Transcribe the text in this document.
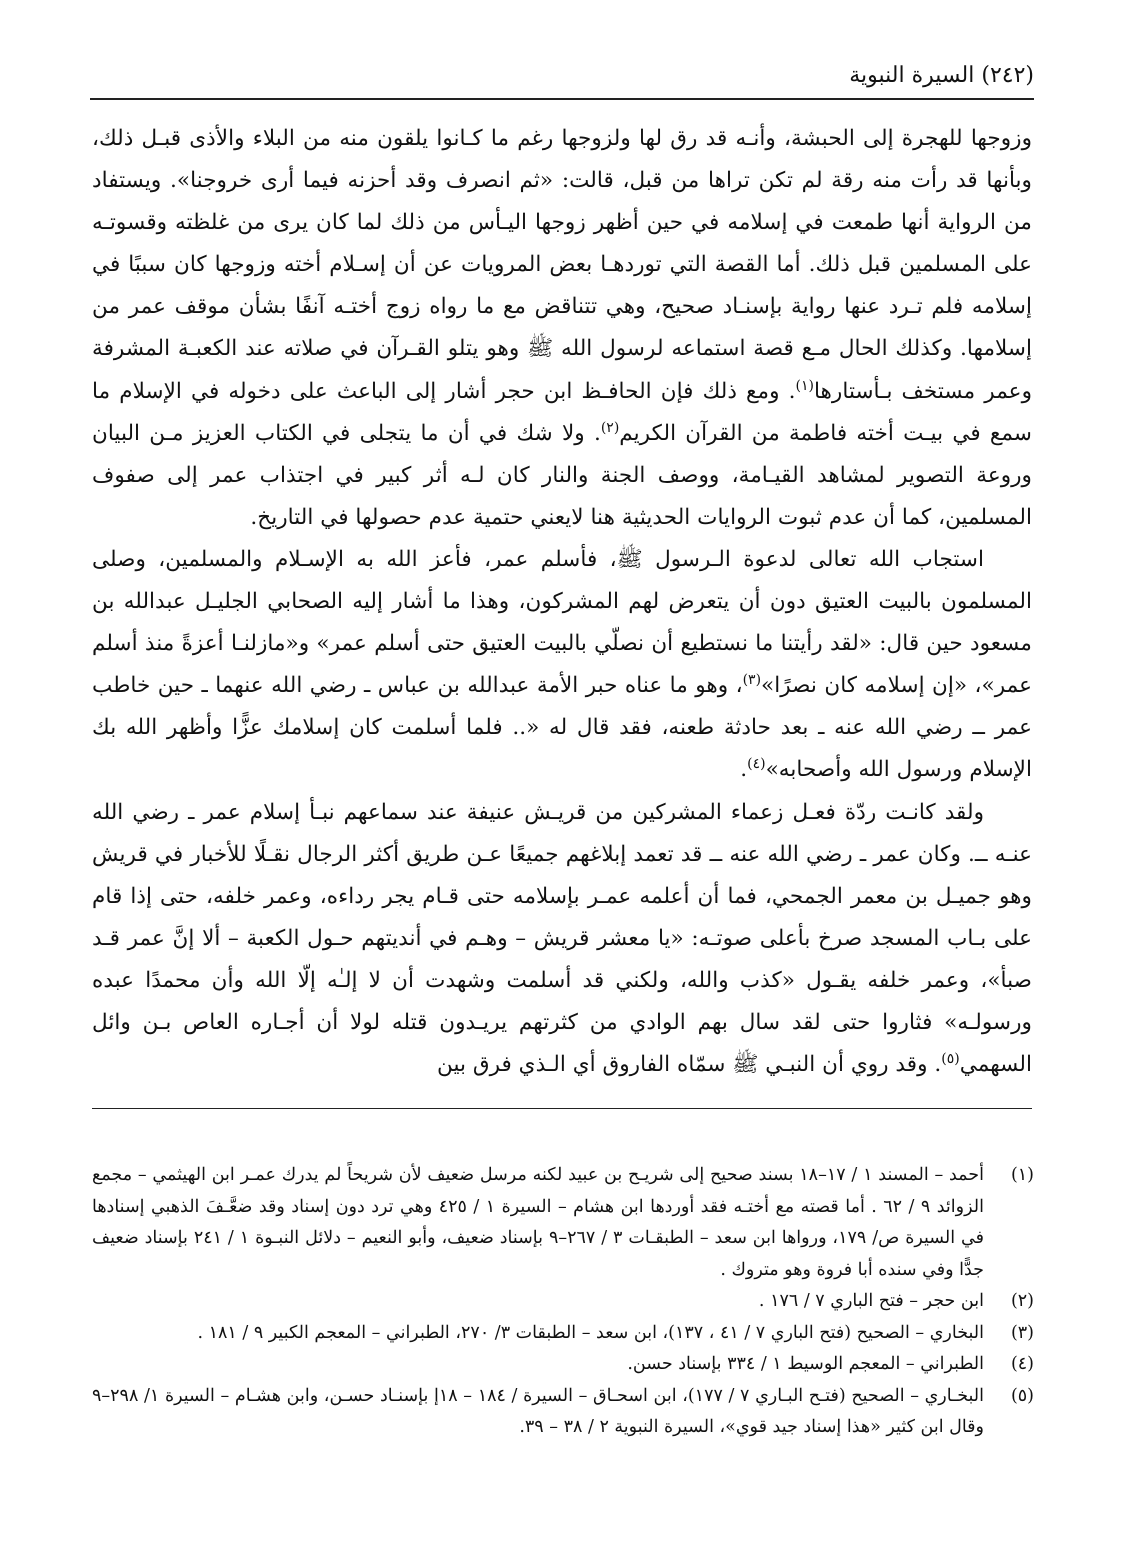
(٢٤٢) السيرة النبوية

وزوجها للهجرة إلى الحبشة، وأنـه قد رق لها ولزوجها رغم ما كـانوا يلقون منه من البلاء والأذى قبـل ذلك، وبأنها قد رأت منه رقة لم تكن تراها من قبل، قالت: «ثم انصرف وقد أحزنه فيما أرى خروجنا». ويستفاد من الرواية أنها طمعت في إسلامه في حين أظهر زوجها اليـأس من ذلك لما كان يرى من غلظته وقسوتـه على المسلمين قبل ذلك. أما القصة التي توردهـا بعض المرويات عن أن إسـلام أخته وزوجها كان سببًا في إسلامه فلم تـرد عنها رواية بإسنـاد صحيح، وهي تتناقض مع ما رواه زوج أختـه آنفًا بشأن موقف عمر من إسلامها. وكذلك الحال مـع قصة استماعه لرسول الله ﷺ وهو يتلو القـرآن في صلاته عند الكعبـة المشرفة وعمر مستخف بـأستارها$^{(١)}$. ومع ذلك فإن الحافـظ ابن حجر أشار إلى الباعث على دخوله في الإسلام ما سمع في بيـت أخته فاطمة من القرآن الكريم$^{(٢)}$. ولا شك في أن ما يتجلى في الكتاب العزيز مـن البيان وروعة التصوير لمشاهد القيـامة، ووصف الجنة والنار كان لـه أثر كبير في اجتذاب عمر إلى صفوف المسلمين، كما أن عدم ثبوت الروايات الحديثية هنا لايعني حتمية عدم حصولها في التاريخ.

استجاب الله تعالى لدعوة الـرسول ﷺ، فأسلم عمر، فأعز الله به الإسـلام والمسلمين، وصلى المسلمون بالبيت العتيق دون أن يتعرض لهم المشركون، وهذا ما أشار إليه الصحابي الجليـل عبدالله بن مسعود حين قال: «لقد رأيتنا ما نستطيع أن نصلّي بالبيت العتيق حتى أسلم عمر» و«مازلنـا أعزةً منذ أسلم عمر»، «إن إسلامه كان نصرًا»$^{(٣)}$، وهو ما عناه حبر الأمة عبدالله بن عباس ـ رضي الله عنهما ـ حين خاطب عمر ــ رضي الله عنه ـ بعد حادثة طعنه، فقد قال له «.. فلما أسلمت كان إسلامك عزًّا وأظهر الله بك الإسلام ورسول الله وأصحابه»$^{(٤)}$.

ولقد كانـت ردّة فعـل زعماء المشركين من قريـش عنيفة عند سماعهم نبـأ إسلام عمر ـ رضي الله عنـه ــ. وكان عمر ـ رضي الله عنه ــ قد تعمد إبلاغهم جميعًا عـن طريق أكثر الرجال نقـلًا للأخبار في قريش وهو جميـل بن معمر الجمحي، فما أن أعلمه عمـر بإسلامه حتى قـام يجر رداءه، وعمر خلفه، حتى إذا قام على بـاب المسجد صرخ بأعلى صوتـه: «يا معشر قريش – وهـم في أنديتهم حـول الكعبة – ألا إنَّ عمر قـد صبأ»، وعمر خلفه يقـول «كذب والله، ولكني قد أسلمت وشهدت أن لا إلـٰه إلّا الله وأن محمدًا عبده ورسولـه» فثاروا حتى لقد سال بهم الوادي من كثرتهم يريـدون قتله لولا أن أجـاره العاص بـن وائل السهمي$^{(٥)}$. وقد روي أن النبـي ﷺ سمّاه الفاروق أي الـذي فرق بين

(١)
أحمد – المسند ١ / ١٧–١٨ بسند صحيح إلى شريـح بن عبيد لكنه مرسل ضعيف لأن شريحاً لم يدرك عمـر ابن الهيثمي – مجمع الزوائد ٩ / ٦٢ . أما قصته مع أختـه فقد أوردها ابن هشام – السيرة ١ / ٤٢٥ وهي ترد دون إسناد وقد ضعَّـفَ الذهبي إسنادها في السيرة ص/ ١٧٩، ورواها ابن سعد – الطبقـات ٣ / ٢٦٧–٩ بإسناد ضعيف، وأبو النعيم – دلائل النبـوة ١ / ٢٤١ بإسناد ضعيف جدًّا وفي سنده أبا فروة وهو متروك .
(٢)
ابن حجر – فتح الباري ٧ / ١٧٦ .
(٣)
البخاري – الصحيح (فتح الباري ٧ / ٤١ ، ١٣٧)، ابن سعد – الطبقات ٣/ ٢٧٠، الطبراني – المعجم الكبير ٩ / ١٨١ .
(٤)
الطبراني – المعجم الوسيط ١ / ٣٣٤ بإسناد حسن.
(٥)
البخـاري – الصحيح (فتـح البـاري ٧ / ١٧٧)، ابن اسحـاق – السيرة / ١٨٤ – ١٨إ بإسنـاد حسـن، وابن هشـام – السيرة ١/ ٢٩٨–٩ وقال ابن كثير «هذا إسناد جيد قوي»، السيرة النبوية ٢ / ٣٨ – ٣٩.
